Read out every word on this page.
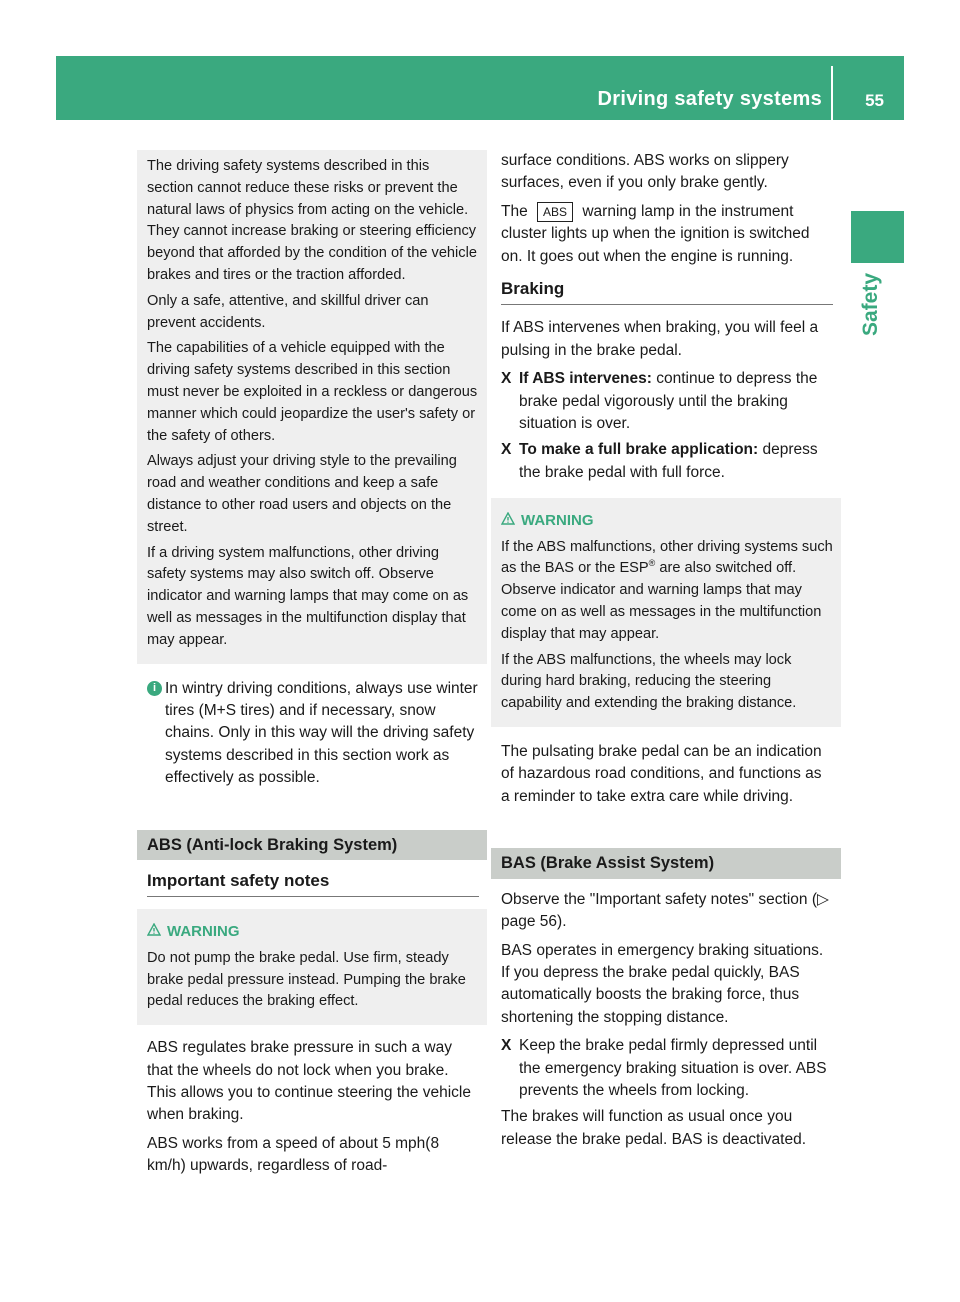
Driving safety systems	55
Safety

The driving safety systems described in this section cannot reduce these risks or prevent the natural laws of physics from acting on the vehicle. They cannot increase braking or steering efficiency beyond that afforded by the condition of the vehicle brakes and tires or the traction afforded.

Only a safe, attentive, and skillful driver can prevent accidents.

The capabilities of a vehicle equipped with the driving safety systems described in this section must never be exploited in a reckless or dangerous manner which could jeopardize the user's safety or the safety of others.

Always adjust your driving style to the prevailing road and weather conditions and keep a safe distance to other road users and objects on the street.

If a driving system malfunctions, other driving safety systems may also switch off. Observe indicator and warning lamps that may come on as well as messages in the multifunction display that may appear.

i In wintry driving conditions, always use winter tires (M+S tires) and if necessary, snow chains. Only in this way will the driving safety systems described in this section work as effectively as possible.
ABS (Anti-lock Braking System)
Important safety notes
WARNING

Do not pump the brake pedal. Use firm, steady brake pedal pressure instead. Pumping the brake pedal reduces the braking effect.

ABS regulates brake pressure in such a way that the wheels do not lock when you brake. This allows you to continue steering the vehicle when braking.

ABS works from a speed of about 5 mph(8 km/h) upwards, regardless of road-

surface conditions. ABS works on slippery surfaces, even if you only brake gently.

The ABS warning lamp in the instrument cluster lights up when the ignition is switched on. It goes out when the engine is running.

Braking

If ABS intervenes when braking, you will feel a pulsing in the brake pedal.

X If ABS intervenes: continue to depress the brake pedal vigorously until the braking situation is over.
X To make a full brake application: depress the brake pedal with full force.
WARNING

If the ABS malfunctions, other driving systems such as the BAS or the ESP® are also switched off. Observe indicator and warning lamps that may come on as well as messages in the multifunction display that may appear.

If the ABS malfunctions, the wheels may lock during hard braking, reducing the steering capability and extending the braking distance.

The pulsating brake pedal can be an indication of hazardous road conditions, and functions as a reminder to take extra care while driving.

BAS (Brake Assist System)

Observe the "Important safety notes" section (▷ page 56).

BAS operates in emergency braking situations. If you depress the brake pedal quickly, BAS automatically boosts the braking force, thus shortening the stopping distance.

X Keep the brake pedal firmly depressed until the emergency braking situation is over. ABS prevents the wheels from locking.

The brakes will function as usual once you release the brake pedal. BAS is deactivated.
